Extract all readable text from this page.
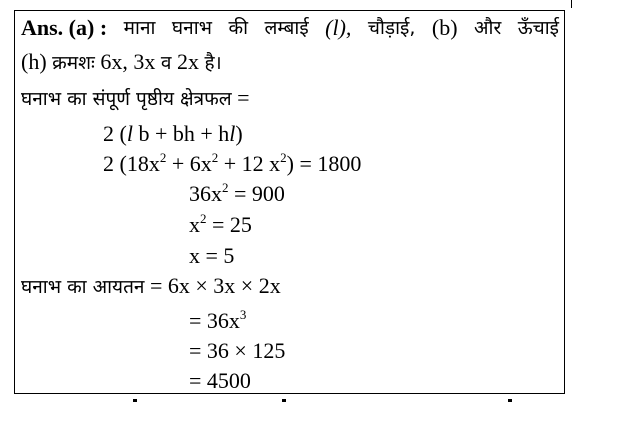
Ans. (a) : माना घनाभ की लम्बाई (l), चौड़ाई, (b) और ऊँचाई
(h) क्रमशः 6x, 3x व 2x है।
घनाभ का संपूर्ण पृष्ठीय क्षेत्रफल =
2 (l b + bh + hl)
2 ($18x^2 + 6x^2 + 12$ $x^2) = 1800$
$36x^2 = 900$
$x^2 = 25$
x = 5
घनाभ का आयतन = 6x × 3x × 2x
= $36x^3$
= 36 × 125
= 4500
